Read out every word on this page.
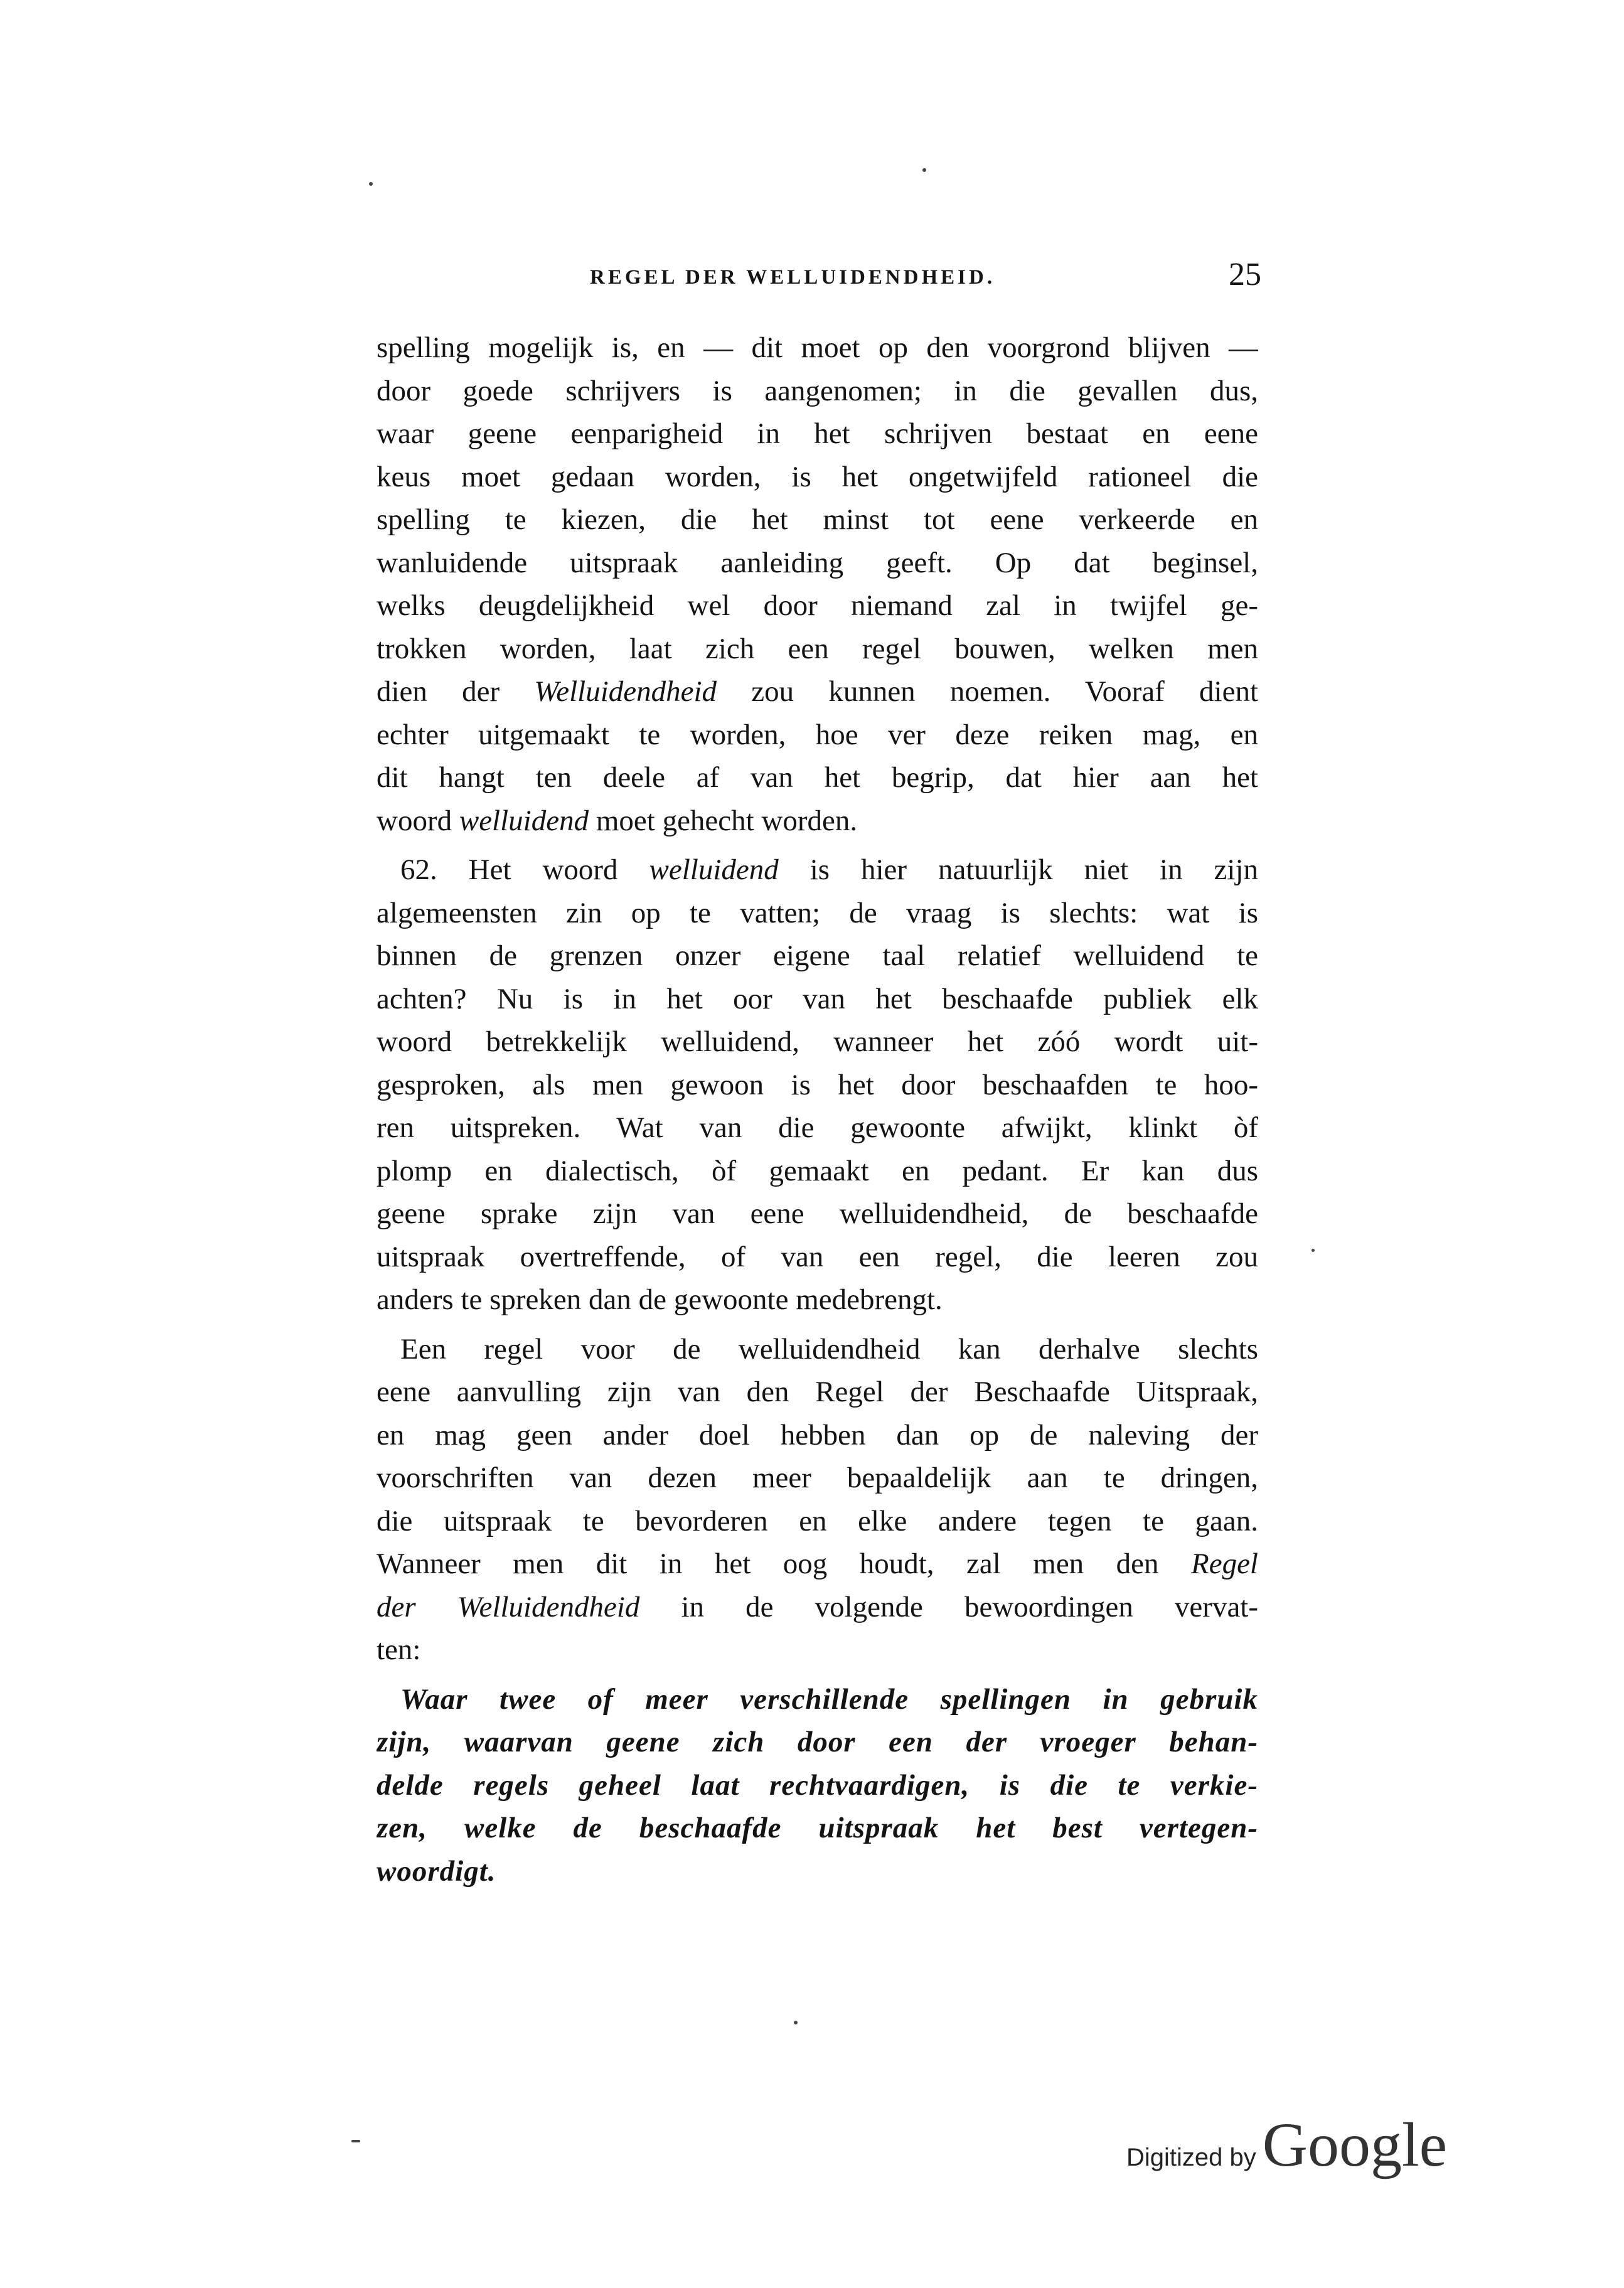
REGEL DER WELLUIDENDHEID.	25
spelling mogelijk is, en — dit moet op den voorgrond blijven —
door goede schrijvers is aangenomen; in die gevallen dus,
waar geene eenparigheid in het schrijven bestaat en eene
keus moet gedaan worden, is het ongetwijfeld rationeel die
spelling te kiezen, die het minst tot eene verkeerde en
wanluidende uitspraak aanleiding geeft. Op dat beginsel,
welks deugdelijkheid wel door niemand zal in twijfel ge-
trokken worden, laat zich een regel bouwen, welken men
dien der Welluidendheid zou kunnen noemen. Vooraf dient
echter uitgemaakt te worden, hoe ver deze reiken mag, en
dit hangt ten deele af van het begrip, dat hier aan het
woord welluidend moet gehecht worden.
62. Het woord welluidend is hier natuurlijk niet in zijn
algemeensten zin op te vatten; de vraag is slechts: wat is
binnen de grenzen onzer eigene taal relatief welluidend te
achten? Nu is in het oor van het beschaafde publiek elk
woord betrekkelijk welluidend, wanneer het zóó wordt uit-
gesproken, als men gewoon is het door beschaafden te hoo-
ren uitspreken. Wat van die gewoonte afwijkt, klinkt òf
plomp en dialectisch, òf gemaakt en pedant. Er kan dus
geene sprake zijn van eene welluidendheid, de beschaafde
uitspraak overtreffende, of van een regel, die leeren zou
anders te spreken dan de gewoonte medebrengt.
Een regel voor de welluidendheid kan derhalve slechts
eene aanvulling zijn van den Regel der Beschaafde Uitspraak,
en mag geen ander doel hebben dan op de naleving der
voorschriften van dezen meer bepaaldelijk aan te dringen,
die uitspraak te bevorderen en elke andere tegen te gaan.
Wanneer men dit in het oog houdt, zal men den Regel
der Welluidendheid in de volgende bewoordingen vervat-
ten:
Waar twee of meer verschillende spellingen in gebruik
zijn, waarvan geene zich door een der vroeger behan-
delde regels geheel laat rechtvaardigen, is die te verkie-
zen, welke de beschaafde uitspraak het best vertegen-
woordigt.
Digitized by Google
